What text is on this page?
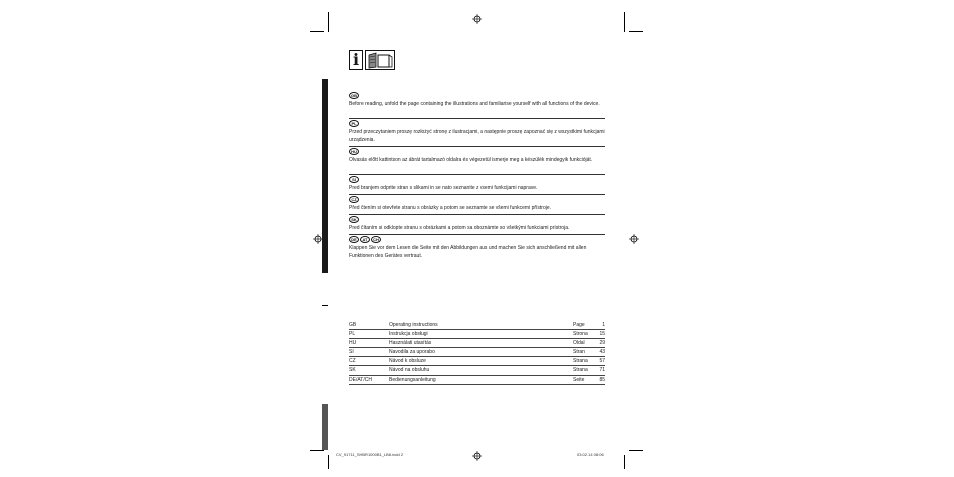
i
GB
Before reading, unfold the page containing the illustrations and familiarise yourself with all functions of the device.
PL
Przed przeczytaniem proszę rozłożyć stronę z ilustracjami, a następnie proszę zapoznać się z wszystkimi funkcjami urządzenia.
HU
Olvasás előtt kattintson az ábrát tartalmazó oldalra és végezetül ismerje meg a készülék mindegyik funkcióját.
SI
Pred branjem odprite stran s slikami in se nato seznanite z vsemi funkcijami naprave.
CZ
Před čtením si otevřete stranu s obrázky a potom se seznamte se všemi funkcemi přístroje.
SK
Pred čítaním si odklopte stranu s obrázkami a potom sa oboznámte so všetkými funkciami prístroja.
DE	AT	CH
Klappen Sie vor dem Lesen die Seite mit den Abbildungen aus und machen Sie sich anschließend mit allen Funktionen des Gerätes vertraut.
GB	Operating instructions	Page	1
PL	Instrukcja obsługi	Strona	15
HU	Használati utasítás	Oldal	29
SI	Navodila za uporabo	Stran	43
CZ	Návod k obsluze	Strana	57
SK	Návod na obsluhu	Strana	71
DE/AT/CH	Bedienungsanleitung	Seite	85
CV_91711_SHBR1000B1_LB6.indd 2	03.02.14 08:06
